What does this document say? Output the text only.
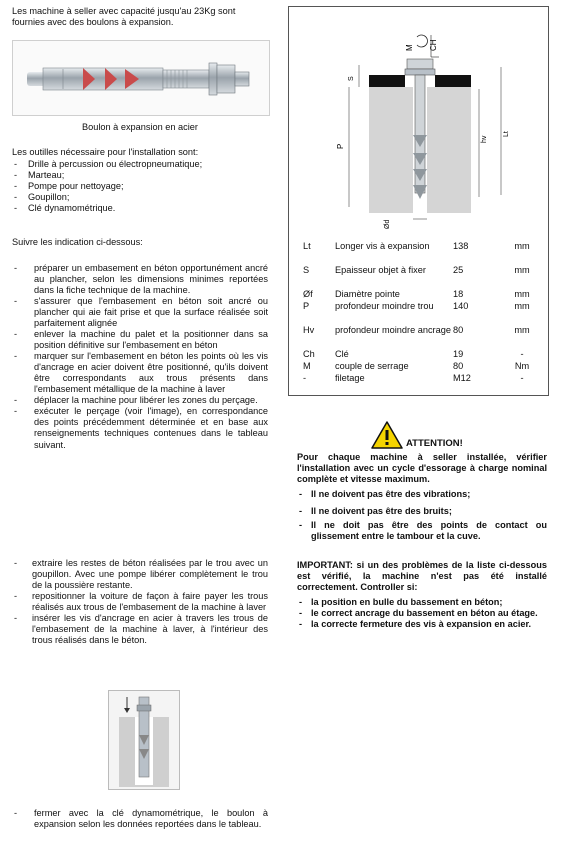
Les machine à seller avec capacité jusqu'au 23Kg sont fournies avec des boulons à expansion.

Boulon à expansion en acier

Les outilles nécessaire pour l'installation sont:

- Drille à percussion ou électropneumatique;
- Marteau;
- Pompe pour nettoyage;
- Goupillon;
- Clé dynamométrique.

Suivre les indication ci-dessous:

- préparer un embasement en béton opportunément ancré au plancher, selon les dimensions minimes reportées dans la fiche technique de la machine.
- s'assurer que l'embasement en béton soit ancré ou plancher qui aie fait prise et que la surface réalisée soit parfaitement alignée
- enlever la machine du palet et la positionner dans sa position définitive sur l'embasement en béton
- marquer sur l'embasement en béton les points où les vis d'ancrage en acier doivent être positionné, qu'ils doivent être correspondants aux trous présents dans l'embasement métallique de la machine à laver
- déplacer la machine pour libérer les zones du perçage.
- exécuter le perçage (voir l'image), en correspondance des points précédemment déterminée et en base aux renseignements techniques contenues dans le tableau suivant.
- extraire les restes de béton réalisées par le trou avec un goupillon. Avec une pompe libérer complètement le trou de la poussière restante.
- repositionner la voiture de façon à faire payer les trous réalisés aux trous de l'embasement de la machine à laver
- insérer les vis d'ancrage en acier à travers les trous de l'embasement de la machine à laver, à l'intérieur des trous réalisés dans le béton.
- fermer avec la clé dynamométrique, le boulon à expansion selon les données reportées dans le tableau.
M CH
S
P
hv
Lt
Ød
Lt	Longer vis à expansion	138	mm
S	Epaisseur objet à fixer	25	mm
Øf	Diamètre pointe	18	mm
P	profondeur moindre trou	140	mm
Hv	profondeur moindre ancrage	80	mm
Ch	Clé	19	-
M	couple de serrage	80	Nm
-	filetage	M12	-

ATTENTION!

Pour chaque machine à seller installée, vérifier l'installation avec un cycle d'essorage à charge nominal complète et vitesse maximum.

- Il ne doivent pas être des vibrations;
- Il ne doivent pas être des bruits;
- Il ne doit pas être des points de contact ou glissement entre le tambour et la cuve.

IMPORTANT: si un des problèmes de la liste ci-dessous est vérifié, la machine n'est pas été installé correctement. Controller si:

- la position en bulle du bassement en béton;
- le correct ancrage du bassement en béton au étage.
- la correcte fermeture des vis à expansion en acier.
